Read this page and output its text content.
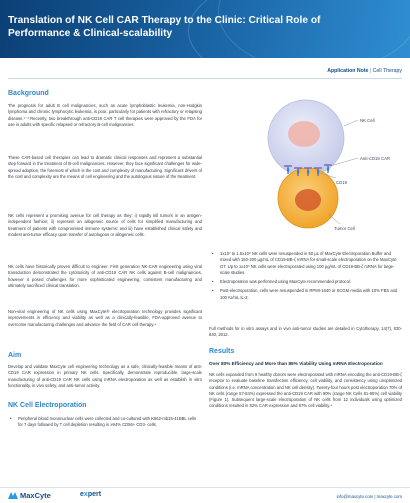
Translation of NK Cell CAR Therapy to the Clinic: Critical Role of Performance & Clinical-scalability
Application Note | Cell Therapy
Background

The prognosis for adult B cell malignancies, such as acute lymphoblastic leukemia, non-Hodgkin lymphoma and chronic lymphocytic leukemia, is poor, particularly for patients with refractory or relapsing disease.¹⁻³ Recently, two breakthrough anti-CD19 CAR T cell therapies were approved by the FDA for use in adults with specific relapsed or refractory B-cell malignancies.

These CAR-based cell therapies can lead to dramatic clinical responses and represent a substantial step forward in the treatment of B-cell malignancies. However, they face significant challenges for wide-spread adoption, the foremost of which is the cost and complexity of manufacturing. Significant drivers of the cost and complexity are the means of cell engineering and the autologous nature of the treatment.

NK cells represent a promising avenue for cell therapy as they: i) rapidly kill tumors in an antigen-independent fashion; ii) represent an allogeneic source of cells for simplified manufacturing and treatment of patients with compromised immune systems; and iii) have established clinical safety and modest anti-tumor efficacy upon transfer of autologous or allogeneic cells.

NK cells have historically proven difficult to engineer. First generation NK-CAR engineering using viral transduction demonstrated the cytotoxicity of anti-CD19 CAR NK cells against B-cell malignancies, however it posed challenges for more sophisticated engineering, consistent manufacturing and ultimately sacrificed clinical translation.

Non-viral engineering of NK cells using MaxCyte® electroporation technology provides significant improvements in efficiency and viability as well as a clinically-feasible, FDA-approved avenue to overcome manufacturing challenges and advance the field of CAR cell therapy.⁴

Aim

Develop and validate MaxCyte cell engineering technology as a safe, clinically-feasible means of anti-CD19 CAR expression in primary NK cells. Specifically, demonstrate reproducible, large-scale manufacturing of anti-CD19 CAR NK cells using mRNA electroporation as well as establish in vitro functionality, in vivo safety, and anti-tumor activity.

NK Cell Electroporation
• Peripheral blood mononuclear cells were collected and co-cultured with K562-mb15-41BBL cells for 7 days followed by T cell depletion resulting in ≥94% CD56+ CD3- cells.
NK Cell
Anti-CD19 CAR
CD19
Tumor Cell
• 1x10⁷ to 1.5x10⁸ NK cells were resuspended in 50 µL of MaxCyte Electroporation Buffer and mixed with 150-200 µg/mL of CD19-BB-ζ mRNA for small-scale electroporation on the MaxCyte GT. Up to 1x10⁹ NK cells were electroporated using 100 µg/mL of CD19-BB-ζ mRNA for large-scale studies.
• Electroporation was performed using MaxCyte recommended protocol.
• Post-electroporation, cells were resuspended in RPMI-1640 or SCGM media with 10% FBS and 100 IU/mL IL-2.

Full methods for in vitro assays and in vivo anti-tumor studies are detailed in Cytotherapy, 14(7), 830-840, 2012.

Results
Over 80% Efficiency and More than 85% Viability Using mRNA Electroporation

NK cells expanded from 9 healthy donors were electroporated with mRNA encoding the anti-CD19-BB-ζ receptor to evaluate baseline transfection efficiency, cell viability, and consistency using unoptimized conditions (i.e. mRNA concentration and NK cell density). Twenty-four hours post electroporation 70% of NK cells (range 57-84%) expressed the anti-CD19 CAR with 90% (range NK Cells 81-95%) cell viability (Figure 1). Subsequent large-scale electroporation of NK cells from 12 individuals using optimized conditions resulted in 82% CAR expression and 87% cell viability.⁴

MaxCyte	expert	info@maxcyte.com | maxcyte.com
